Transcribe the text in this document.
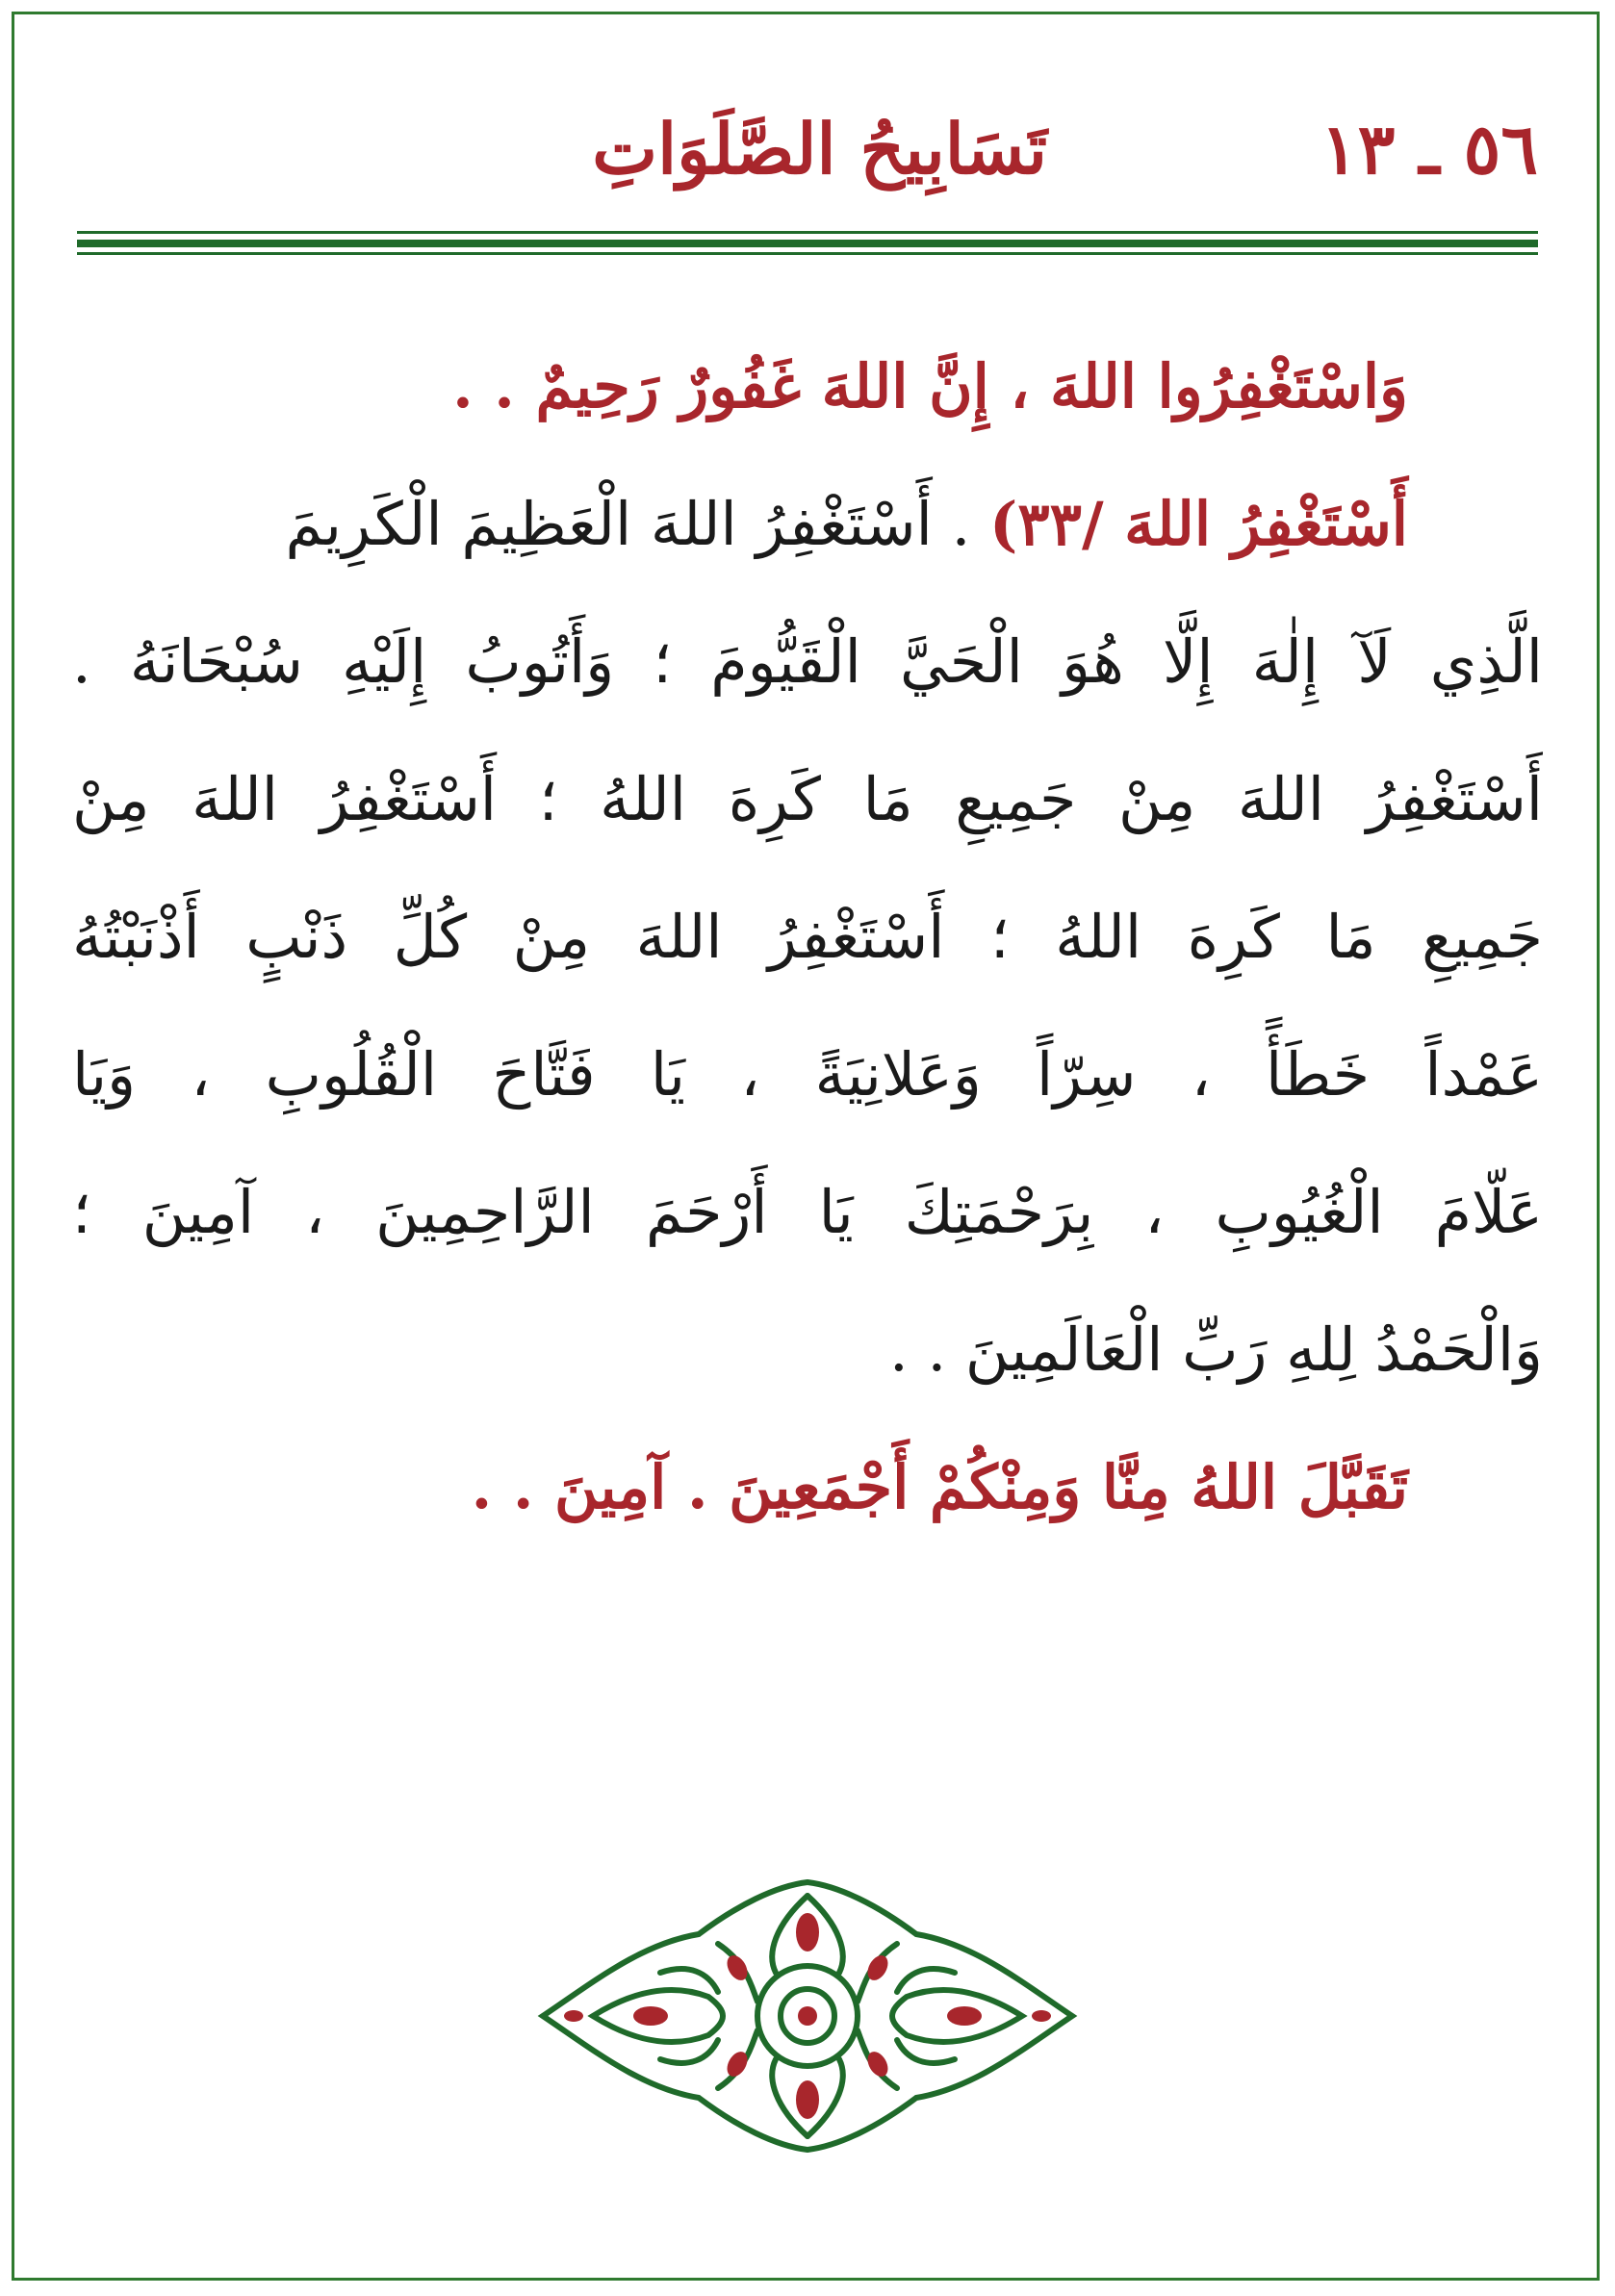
٥٦ ـ ١٣
تَسَابِيحُ الصَّلَوَاتِ
وَاسْتَغْفِرُوا اللهَ ، إِنَّ اللهَ غَفُورٌ رَحِيمٌ . .
أَسْتَغْفِرُ اللهَ /٣٣) . أَسْتَغْفِرُ اللهَ الْعَظِيمَ الْكَرِيمَ
الَّذِي لَآ إِلٰهَ إِلَّا هُوَ الْحَيَّ الْقَيُّومَ ؛ وَأَتُوبُ إِلَيْهِ سُبْحَانَهُ .
أَسْتَغْفِرُ اللهَ مِنْ جَمِيعِ مَا كَرِهَ اللهُ ؛ أَسْتَغْفِرُ اللهَ مِنْ
جَمِيعِ مَا كَرِهَ اللهُ ؛ أَسْتَغْفِرُ اللهَ مِنْ كُلِّ ذَنْبٍ أَذْنَبْتُهُ
عَمْداً خَطَأً ، سِرّاً وَعَلانِيَةً ، يَا فَتَّاحَ الْقُلُوبِ ، وَيَا
عَلّامَ الْغُيُوبِ ، بِرَحْمَتِكَ يَا أَرْحَمَ الرَّاحِمِينَ ، آمِينَ ؛
وَالْحَمْدُ لِلهِ رَبِّ الْعَالَمِينَ . .
تَقَبَّلَ اللهُ مِنَّا وَمِنْكُمْ أَجْمَعِينَ . آمِينَ . .
